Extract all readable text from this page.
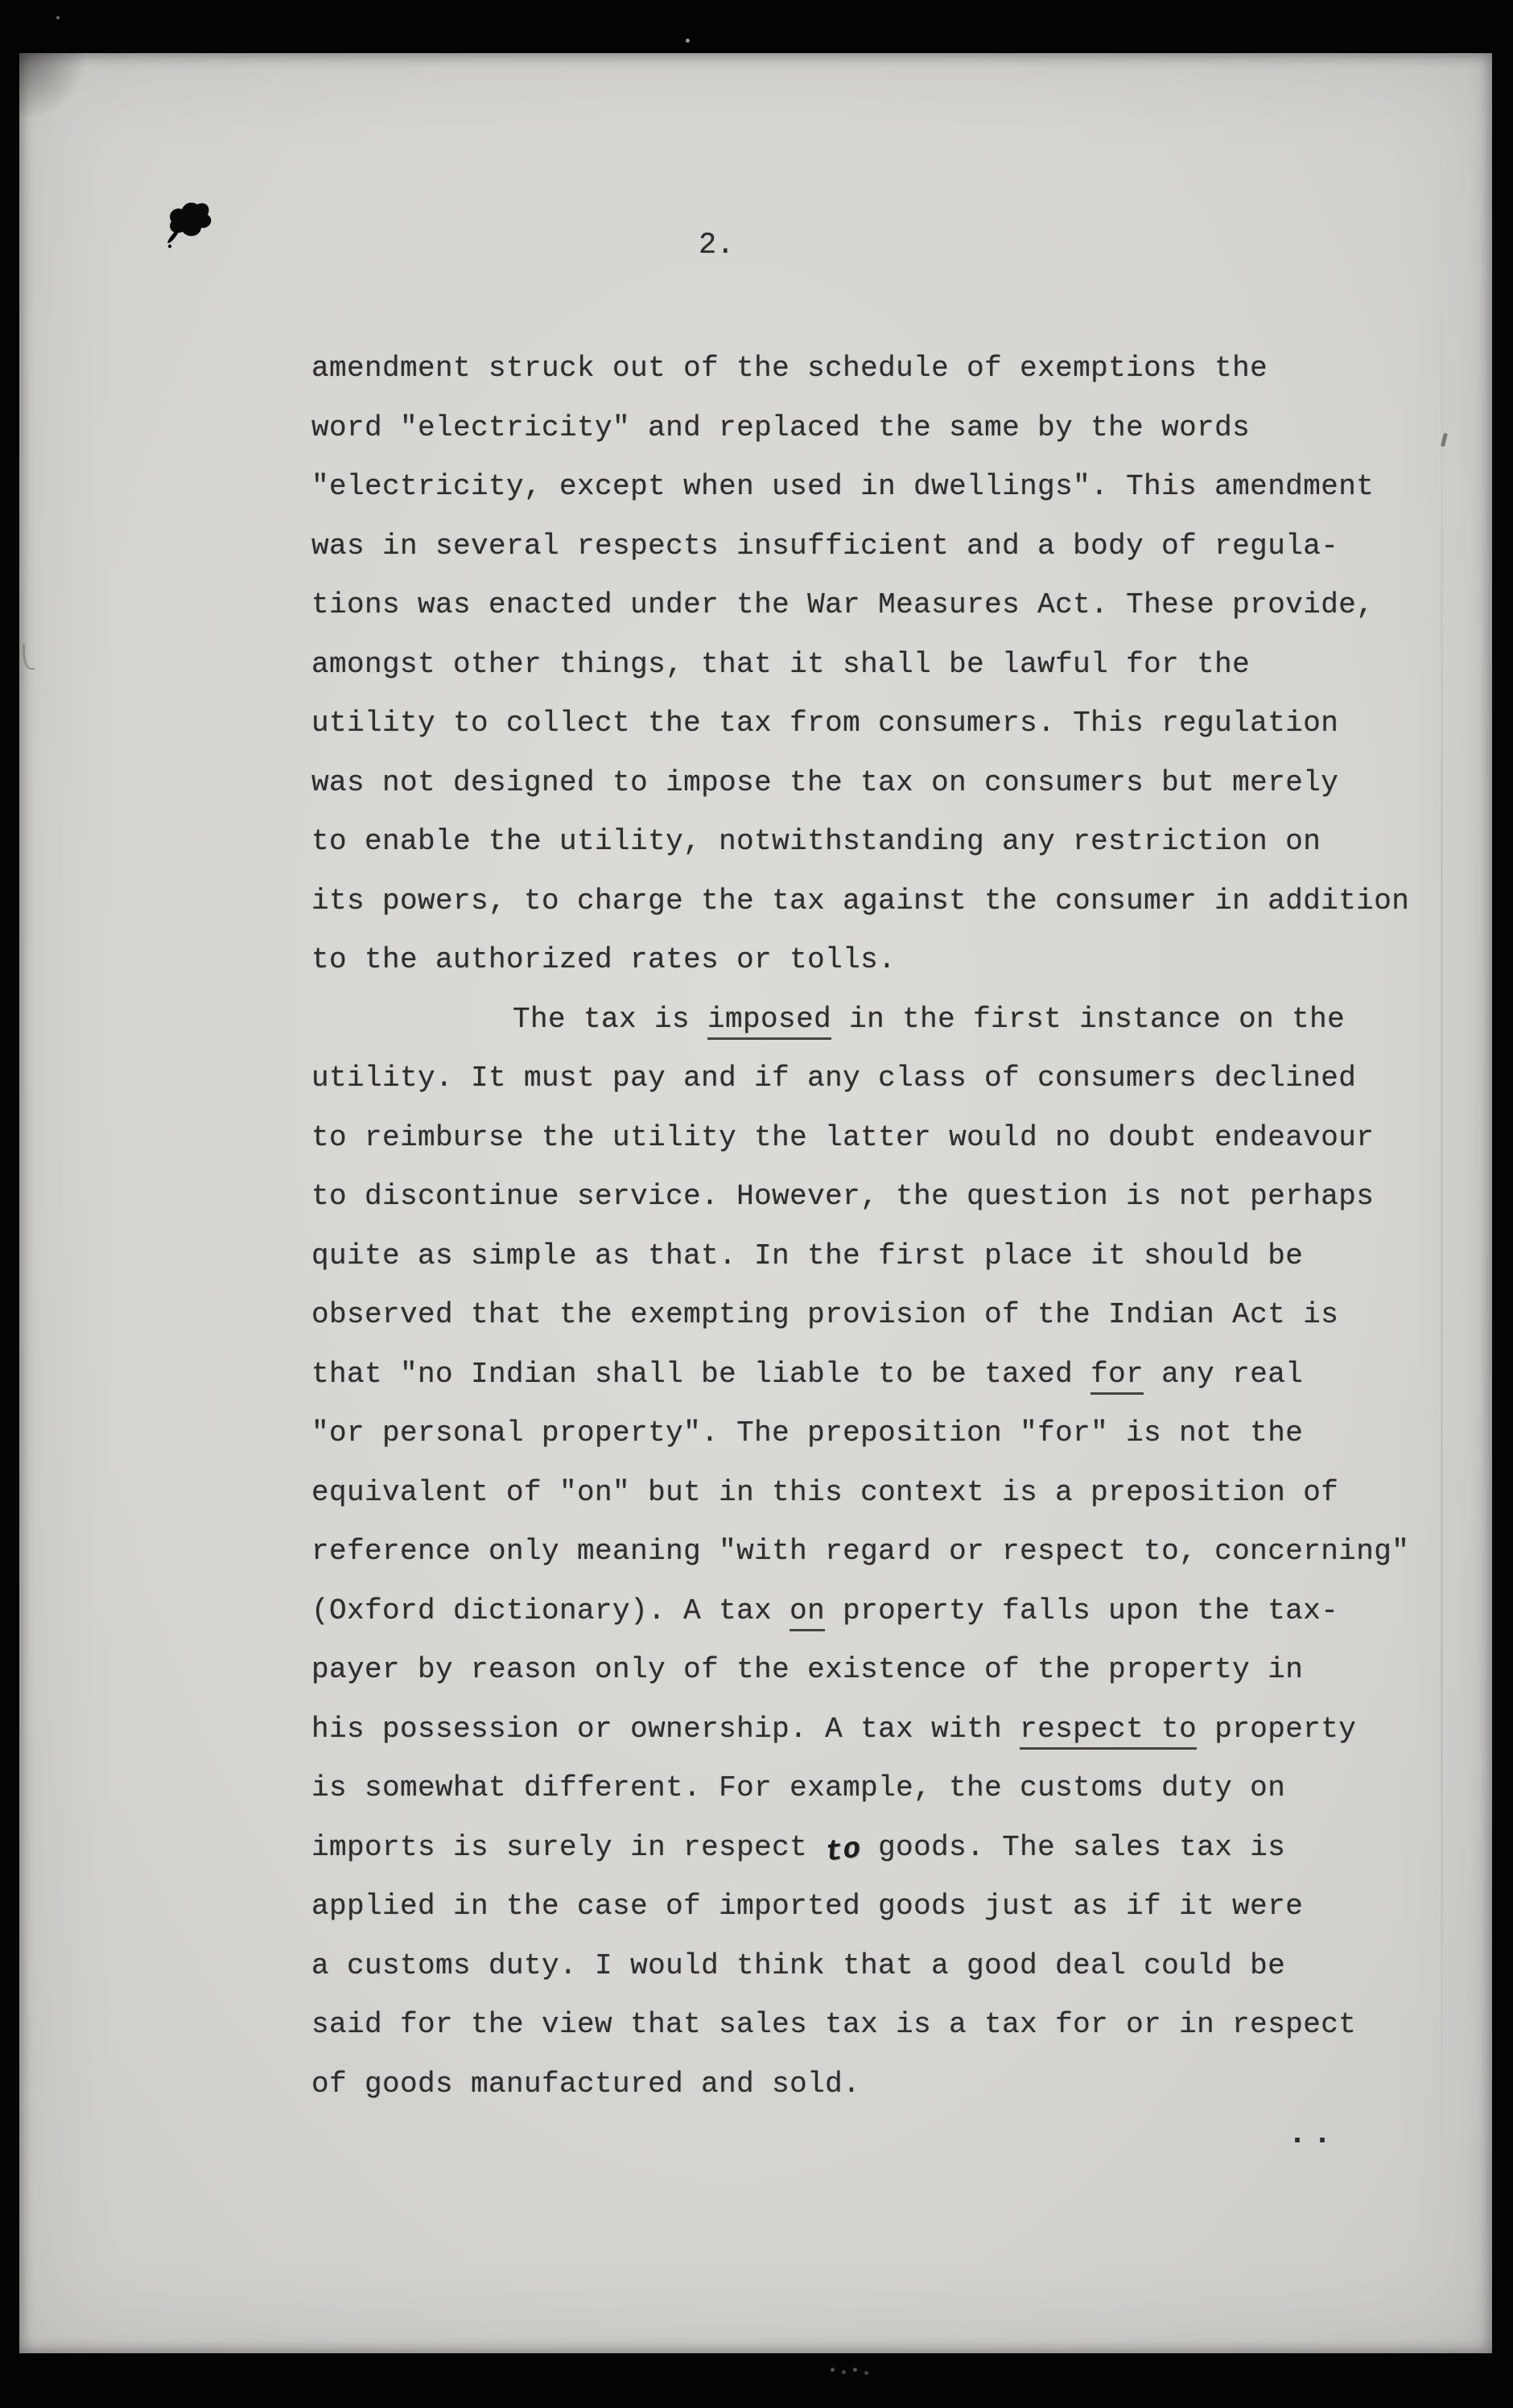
2.
amendment struck out of the schedule of exemptions the
word "electricity" and replaced the same by the words
"electricity, except when used in dwellings". This amendment
was in several respects insufficient and a body of regula-
tions was enacted under the War Measures Act. These provide,
amongst other things, that it shall be lawful for the
utility to collect the tax from consumers. This regulation
was not designed to impose the tax on consumers but merely
to enable the utility, notwithstanding any restriction on
its powers, to charge the tax against the consumer in addition
to the authorized rates or tolls.
The tax is imposed in the first instance on the
utility. It must pay and if any class of consumers declined
to reimburse the utility the latter would no doubt endeavour
to discontinue service. However, the question is not perhaps
quite as simple as that. In the first place it should be
observed that the exempting provision of the Indian Act is
that "no Indian shall be liable to be taxed for any real
"or personal property". The preposition "for" is not the
equivalent of "on" but in this context is a preposition of
reference only meaning "with regard or respect to, concerning"
(Oxford dictionary). A tax on property falls upon the tax-
payer by reason only of the existence of the property in
his possession or ownership. A tax with respect to property
is somewhat different. For example, the customs duty on
imports is surely in respect to goods. The sales tax is
applied in the case of imported goods just as if it were
a customs duty. I would think that a good deal could be
said for the view that sales tax is a tax for or in respect
of goods manufactured and sold.
..
